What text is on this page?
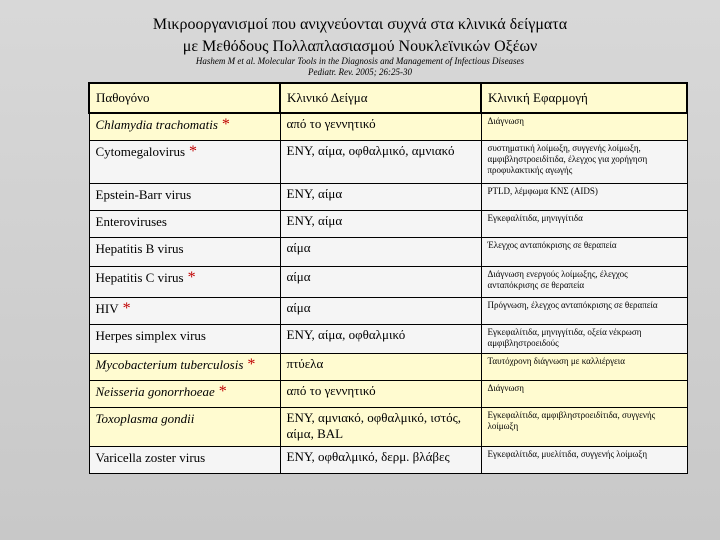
Μικροοργανισμοί που ανιχνεύονται συχνά στα κλινικά δείγματα
με Μεθόδους Πολλαπλασιασμού Νουκλεϊνικών Οξέων
Hashem M et al. Molecular Tools in the Diagnosis and Management of Infectious Diseases
Pediatr. Rev. 2005; 26:25-30
Παθογόνο	Κλινικό Δείγμα	Κλινική Εφαρμογή
Chlamydia trachomatis *	από το γεννητικό	Διάγνωση
Cytomegalovirus *	ENY, αίμα, οφθαλμικό, αμνιακό	συστηματική λοίμωξη, συγγενής λοίμωξη, αμφιβληστροειδίτιδα, έλεγχος για χορήγηση προφυλακτικής αγωγής
Epstein-Barr virus	ENY, αίμα	PTLD, λέμφωμα ΚΝΣ (AIDS)
Enteroviruses	ENY, αίμα	Εγκεφαλίτιδα, μηνιγγίτιδα
Hepatitis B virus	αίμα	Έλεγχος ανταπόκρισης σε θεραπεία
Hepatitis C virus *	αίμα	Διάγνωση ενεργούς λοίμωξης, έλεγχος ανταπόκρισης σε θεραπεία
HIV *	αίμα	Πρόγνωση, έλεγχος ανταπόκρισης σε θεραπεία
Herpes simplex virus	ENY, αίμα, οφθαλμικό	Εγκεφαλίτιδα, μηνιγγίτιδα, οξεία νέκρωση αμφιβληστροειδούς
Mycobacterium tuberculosis *	πτύελα	Ταυτόχρονη διάγνωση με καλλιέργεια
Neisseria gonorrhoeae *	από το γεννητικό	Διάγνωση
Toxoplasma gondii	ENY, αμνιακό, οφθαλμικό, ιστός, αίμα, BAL	Εγκεφαλίτιδα, αμφιβληστροειδίτιδα, συγγενής λοίμωξη
Varicella zoster virus	ENY, οφθαλμικό, δερμ. βλάβες	Εγκεφαλίτιδα, μυελίτιδα, συγγενής λοίμωξη
